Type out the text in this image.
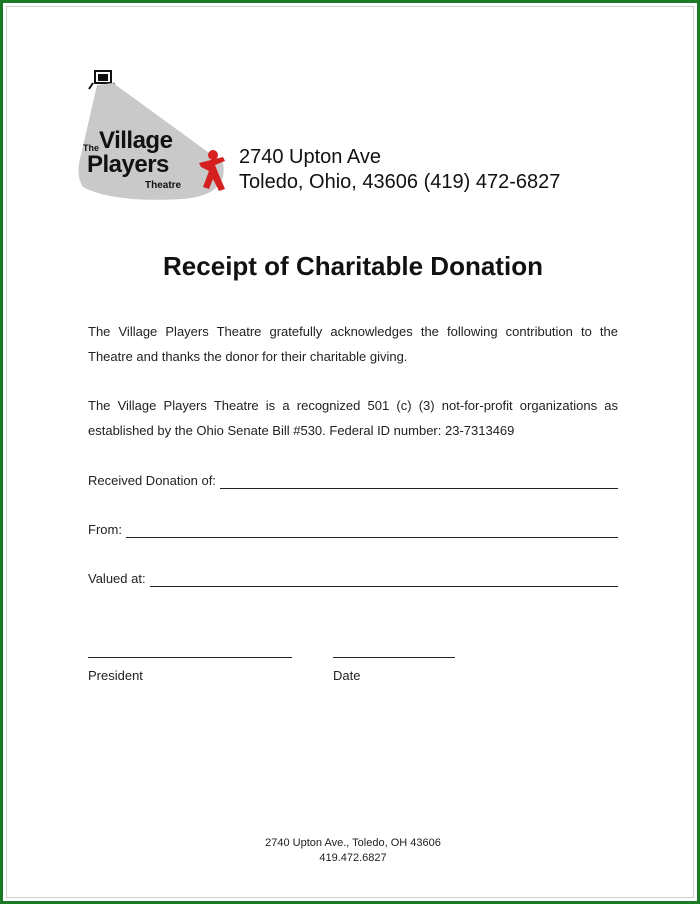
The Village
Players
Theatre
2740 Upton Ave
Toledo, Ohio, 43606 (419) 472-6827
Receipt of Charitable Donation

The Village Players Theatre gratefully acknowledges the following contribution to the Theatre and thanks the donor for their charitable giving.

The Village Players Theatre is a recognized 501 (c) (3) not-for-profit organizations as established by the Ohio Senate Bill #530. Federal ID number: 23-7313469

Received Donation of:
From:
Valued at:
President	Date
2740 Upton Ave., Toledo, OH 43606
419.472.6827
